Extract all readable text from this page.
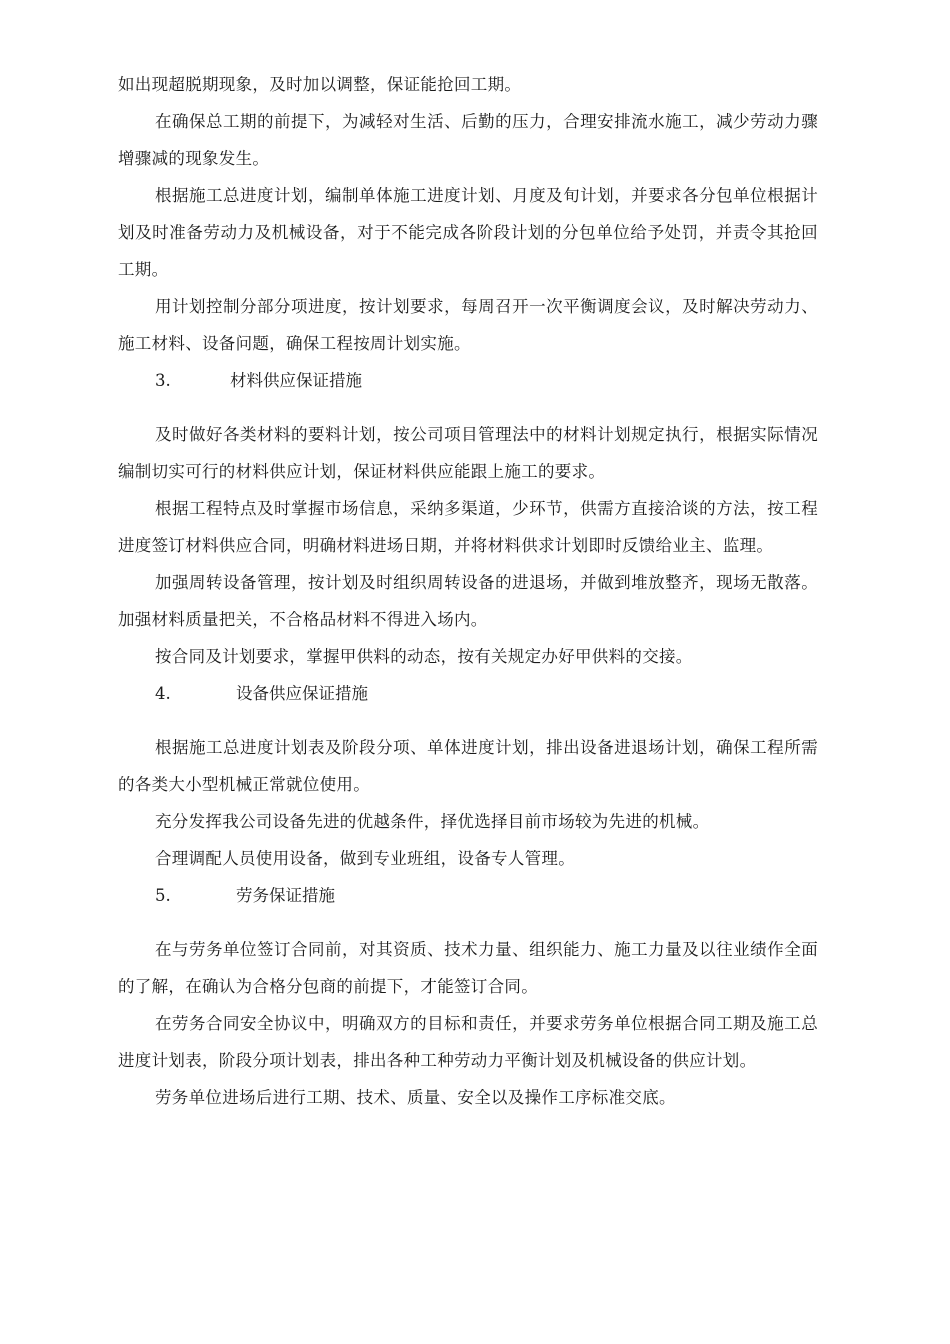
如出现超脱期现象，及时加以调整，保证能抢回工期。

在确保总工期的前提下，为减轻对生活、后勤的压力，合理安排流水施工，减少劳动力骤增骤减的现象发生。

根据施工总进度计划，编制单体施工进度计划、月度及旬计划，并要求各分包单位根据计划及时准备劳动力及机械设备，对于不能完成各阶段计划的分包单位给予处罚，并责令其抢回工期。

用计划控制分部分项进度，按计划要求，每周召开一次平衡调度会议，及时解决劳动力、施工材料、设备问题，确保工程按周计划实施。

3.	材料供应保证措施

及时做好各类材料的要料计划，按公司项目管理法中的材料计划规定执行，根据实际情况编制切实可行的材料供应计划，保证材料供应能跟上施工的要求。

根据工程特点及时掌握市场信息，采纳多渠道，少环节，供需方直接洽谈的方法，按工程进度签订材料供应合同，明确材料进场日期，并将材料供求计划即时反馈给业主、监理。

加强周转设备管理，按计划及时组织周转设备的进退场，并做到堆放整齐，现场无散落。加强材料质量把关，不合格品材料不得进入场内。

按合同及计划要求，掌握甲供料的动态，按有关规定办好甲供料的交接。

4.	设备供应保证措施

根据施工总进度计划表及阶段分项、单体进度计划，排出设备进退场计划，确保工程所需的各类大小型机械正常就位使用。

充分发挥我公司设备先进的优越条件，择优选择目前市场较为先进的机械。

合理调配人员使用设备，做到专业班组，设备专人管理。

5.	劳务保证措施

在与劳务单位签订合同前，对其资质、技术力量、组织能力、施工力量及以往业绩作全面的了解，在确认为合格分包商的前提下，才能签订合同。

在劳务合同安全协议中，明确双方的目标和责任，并要求劳务单位根据合同工期及施工总进度计划表，阶段分项计划表，排出各种工种劳动力平衡计划及机械设备的供应计划。

劳务单位进场后进行工期、技术、质量、安全以及操作工序标准交底。
